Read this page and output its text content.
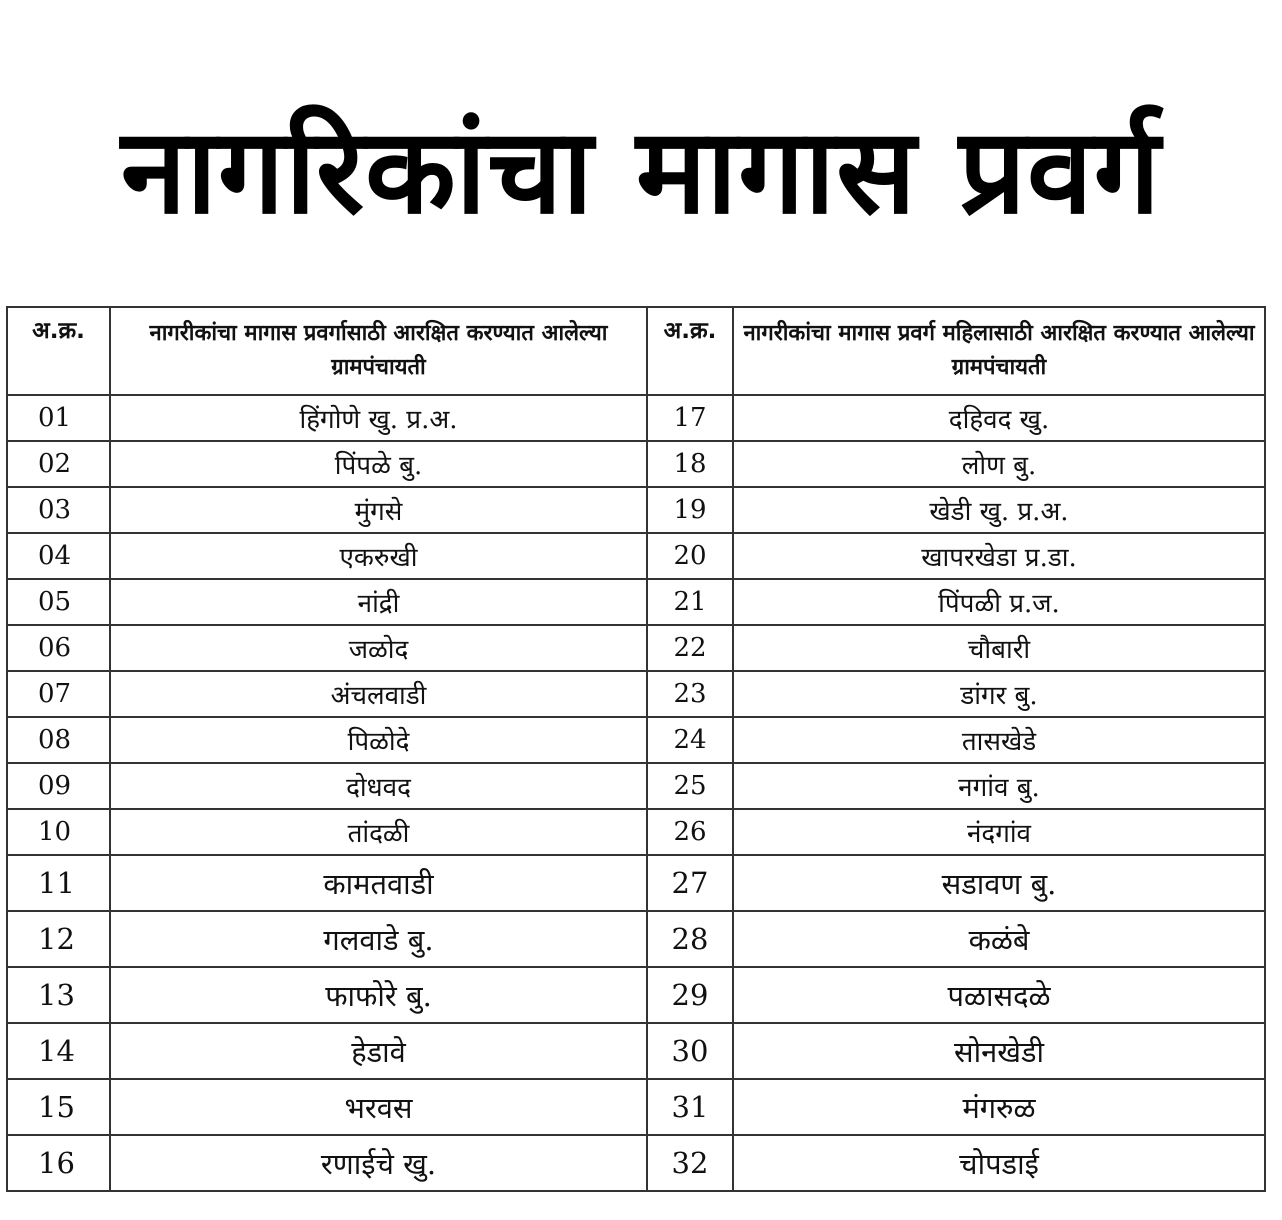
नागरिकांचा मागास प्रवर्ग
अ.क्र.	नागरीकांचा मागास प्रवर्गासाठी आरक्षित करण्यात आलेल्या ग्रामपंचायती	अ.क्र.	नागरीकांचा मागास प्रवर्ग महिलासाठी आरक्षित करण्यात आलेल्या ग्रामपंचायती
01	हिंगोणे खु. प्र.अ.	17	दहिवद खु.
02	पिंपळे बु.	18	लोण बु.
03	मुंगसे	19	खेडी खु. प्र.अ.
04	एकरुखी	20	खापरखेडा प्र.डा.
05	नांद्री	21	पिंपळी प्र.ज.
06	जळोद	22	चौबारी
07	अंचलवाडी	23	डांगर बु.
08	पिळोदे	24	तासखेडे
09	दोधवद	25	नगांव बु.
10	तांदळी	26	नंदगांव
11	कामतवाडी	27	सडावण बु.
12	गलवाडे बु.	28	कळंबे
13	फाफोरे बु.	29	पळासदळे
14	हेडावे	30	सोनखेडी
15	भरवस	31	मंगरुळ
16	रणाईचे खु.	32	चोपडाई
